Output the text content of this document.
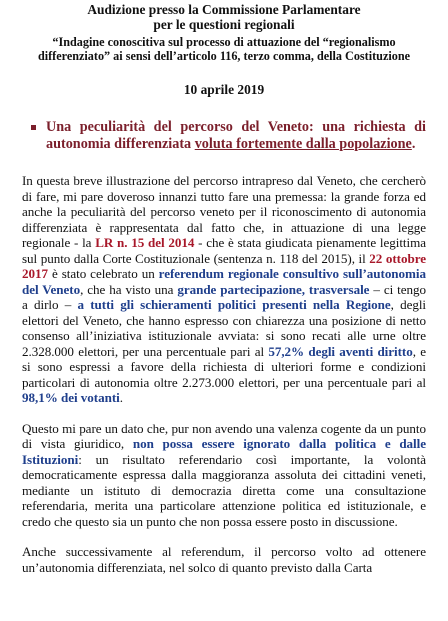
Audizione presso la Commissione Parlamentare
per le questioni regionali
“Indagine conoscitiva sul processo di attuazione del “regionalismo differenziato” ai sensi dell’articolo 116, terzo comma, della Costituzione
10 aprile 2019
Una peculiarità del percorso del Veneto: una richiesta di autonomia differenziata voluta fortemente dalla popolazione.

In questa breve illustrazione del percorso intrapreso dal Veneto, che cercherò di fare, mi pare doveroso innanzi tutto fare una premessa: la grande forza ed anche la peculiarità del percorso veneto per il riconoscimento di autonomia differenziata è rappresentata dal fatto che, in attuazione di una legge regionale - la LR n. 15 del 2014 - che è stata giudicata pienamente legittima sul punto dalla Corte Costituzionale (sentenza n. 118 del 2015), il 22 ottobre 2017 è stato celebrato un referendum regionale consultivo sull’autonomia del Veneto, che ha visto una grande partecipazione, trasversale – ci tengo a dirlo – a tutti gli schieramenti politici presenti nella Regione, degli elettori del Veneto, che hanno espresso con chiarezza una posizione di netto consenso all’iniziativa istituzionale avviata: si sono recati alle urne oltre 2.328.000 elettori, per una percentuale pari al 57,2% degli aventi diritto, e si sono espressi a favore della richiesta di ulteriori forme e condizioni particolari di autonomia oltre 2.273.000 elettori, per una percentuale pari al 98,1% dei votanti.

Questo mi pare un dato che, pur non avendo una valenza cogente da un punto di vista giuridico, non possa essere ignorato dalla politica e dalle Istituzioni: un risultato referendario così importante, la volontà democraticamente espressa dalla maggioranza assoluta dei cittadini veneti, mediante un istituto di democrazia diretta come una consultazione referendaria, merita una particolare attenzione politica ed istituzionale, e credo che questo sia un punto che non possa essere posto in discussione.

Anche successivamente al referendum, il percorso volto ad ottenere un’autonomia differenziata, nel solco di quanto previsto dalla Carta
